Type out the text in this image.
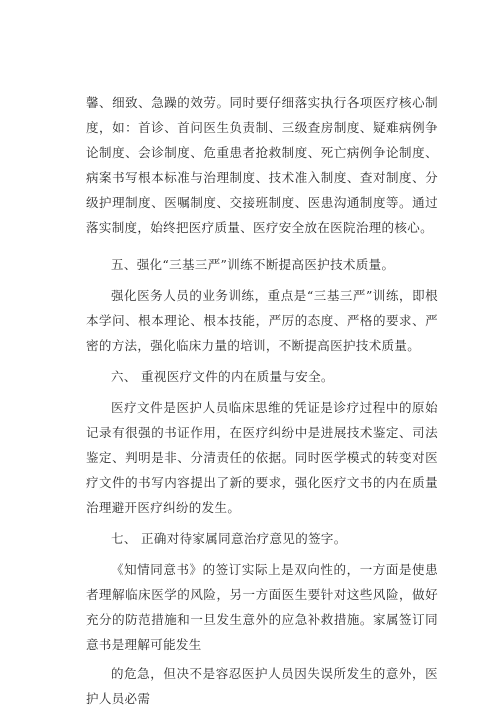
馨、细致、急躁的效劳。同时要仔细落实执行各项医疗核心制度，如：首诊、首问医生负责制、三级查房制度、疑难病例争论制度、会诊制度、危重患者抢救制度、死亡病例争论制度、病案书写根本标准与治理制度、技术准入制度、查对制度、分级护理制度、医嘱制度、交接班制度、医患沟通制度等。通过落实制度，始终把医疗质量、医疗安全放在医院治理的核心。

五、强化“三基三严”训练不断提高医护技术质量。

强化医务人员的业务训练，重点是“三基三严”训练，即根本学问、根本理论、根本技能，严厉的态度、严格的要求、严密的方法，强化临床力量的培训，不断提高医护技术质量。

六、 重视医疗文件的内在质量与安全。

医疗文件是医护人员临床思维的凭证是诊疗过程中的原始记录有很强的书证作用，在医疗纠纷中是进展技术鉴定、司法鉴定、判明是非、分清责任的依据。同时医学模式的转变对医疗文件的书写内容提出了新的要求，强化医疗文书的内在质量治理避开医疗纠纷的发生。

七、 正确对待家属同意治疗意见的签字。

《知情同意书》的签订实际上是双向性的，一方面是使患者理解临床医学的风险，另一方面医生要针对这些风险，做好充分的防范措施和一旦发生意外的应急补救措施。家属签订同意书是理解可能发生

的危急，但决不是容忍医护人员因失误所发生的意外，医护人员必需
